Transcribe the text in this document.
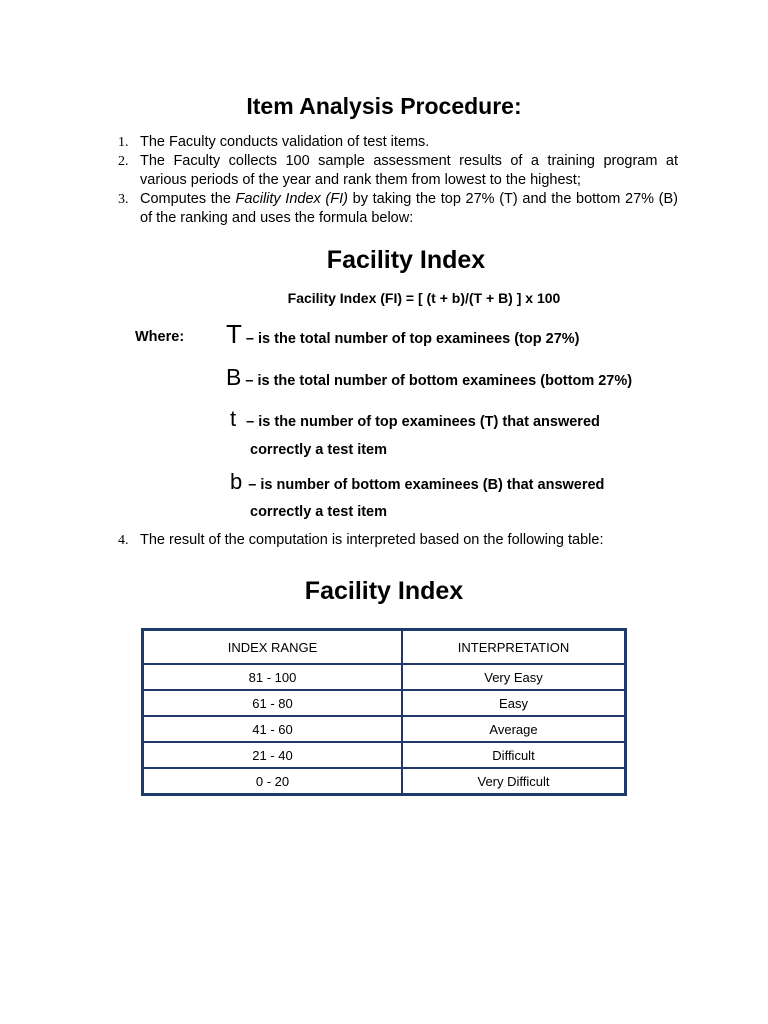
Item Analysis Procedure:
1. The Faculty conducts validation of test items.
2. The Faculty collects 100 sample assessment results of a training program at various periods of the year and rank them from lowest to the highest;
3. Computes the Facility Index (FI) by taking the top 27% (T) and the bottom 27% (B) of the ranking and uses the formula below:
Facility Index
Facility Index (FI) = [ (t + b)/(T + B) ] x 100
Where: T – is the total number of top examinees (top 27%)
B – is the total number of bottom examinees (bottom 27%)
t – is the number of top examinees (T) that answered
correctly a test item
b – is number of bottom examinees (B) that answered
correctly a test item
4. The result of the computation is interpreted based on the following table:
Facility Index
INDEX RANGE	INTERPRETATION
81 - 100	Very Easy
61 - 80	Easy
41 - 60	Average
21 - 40	Difficult
0 - 20	Very Difficult
